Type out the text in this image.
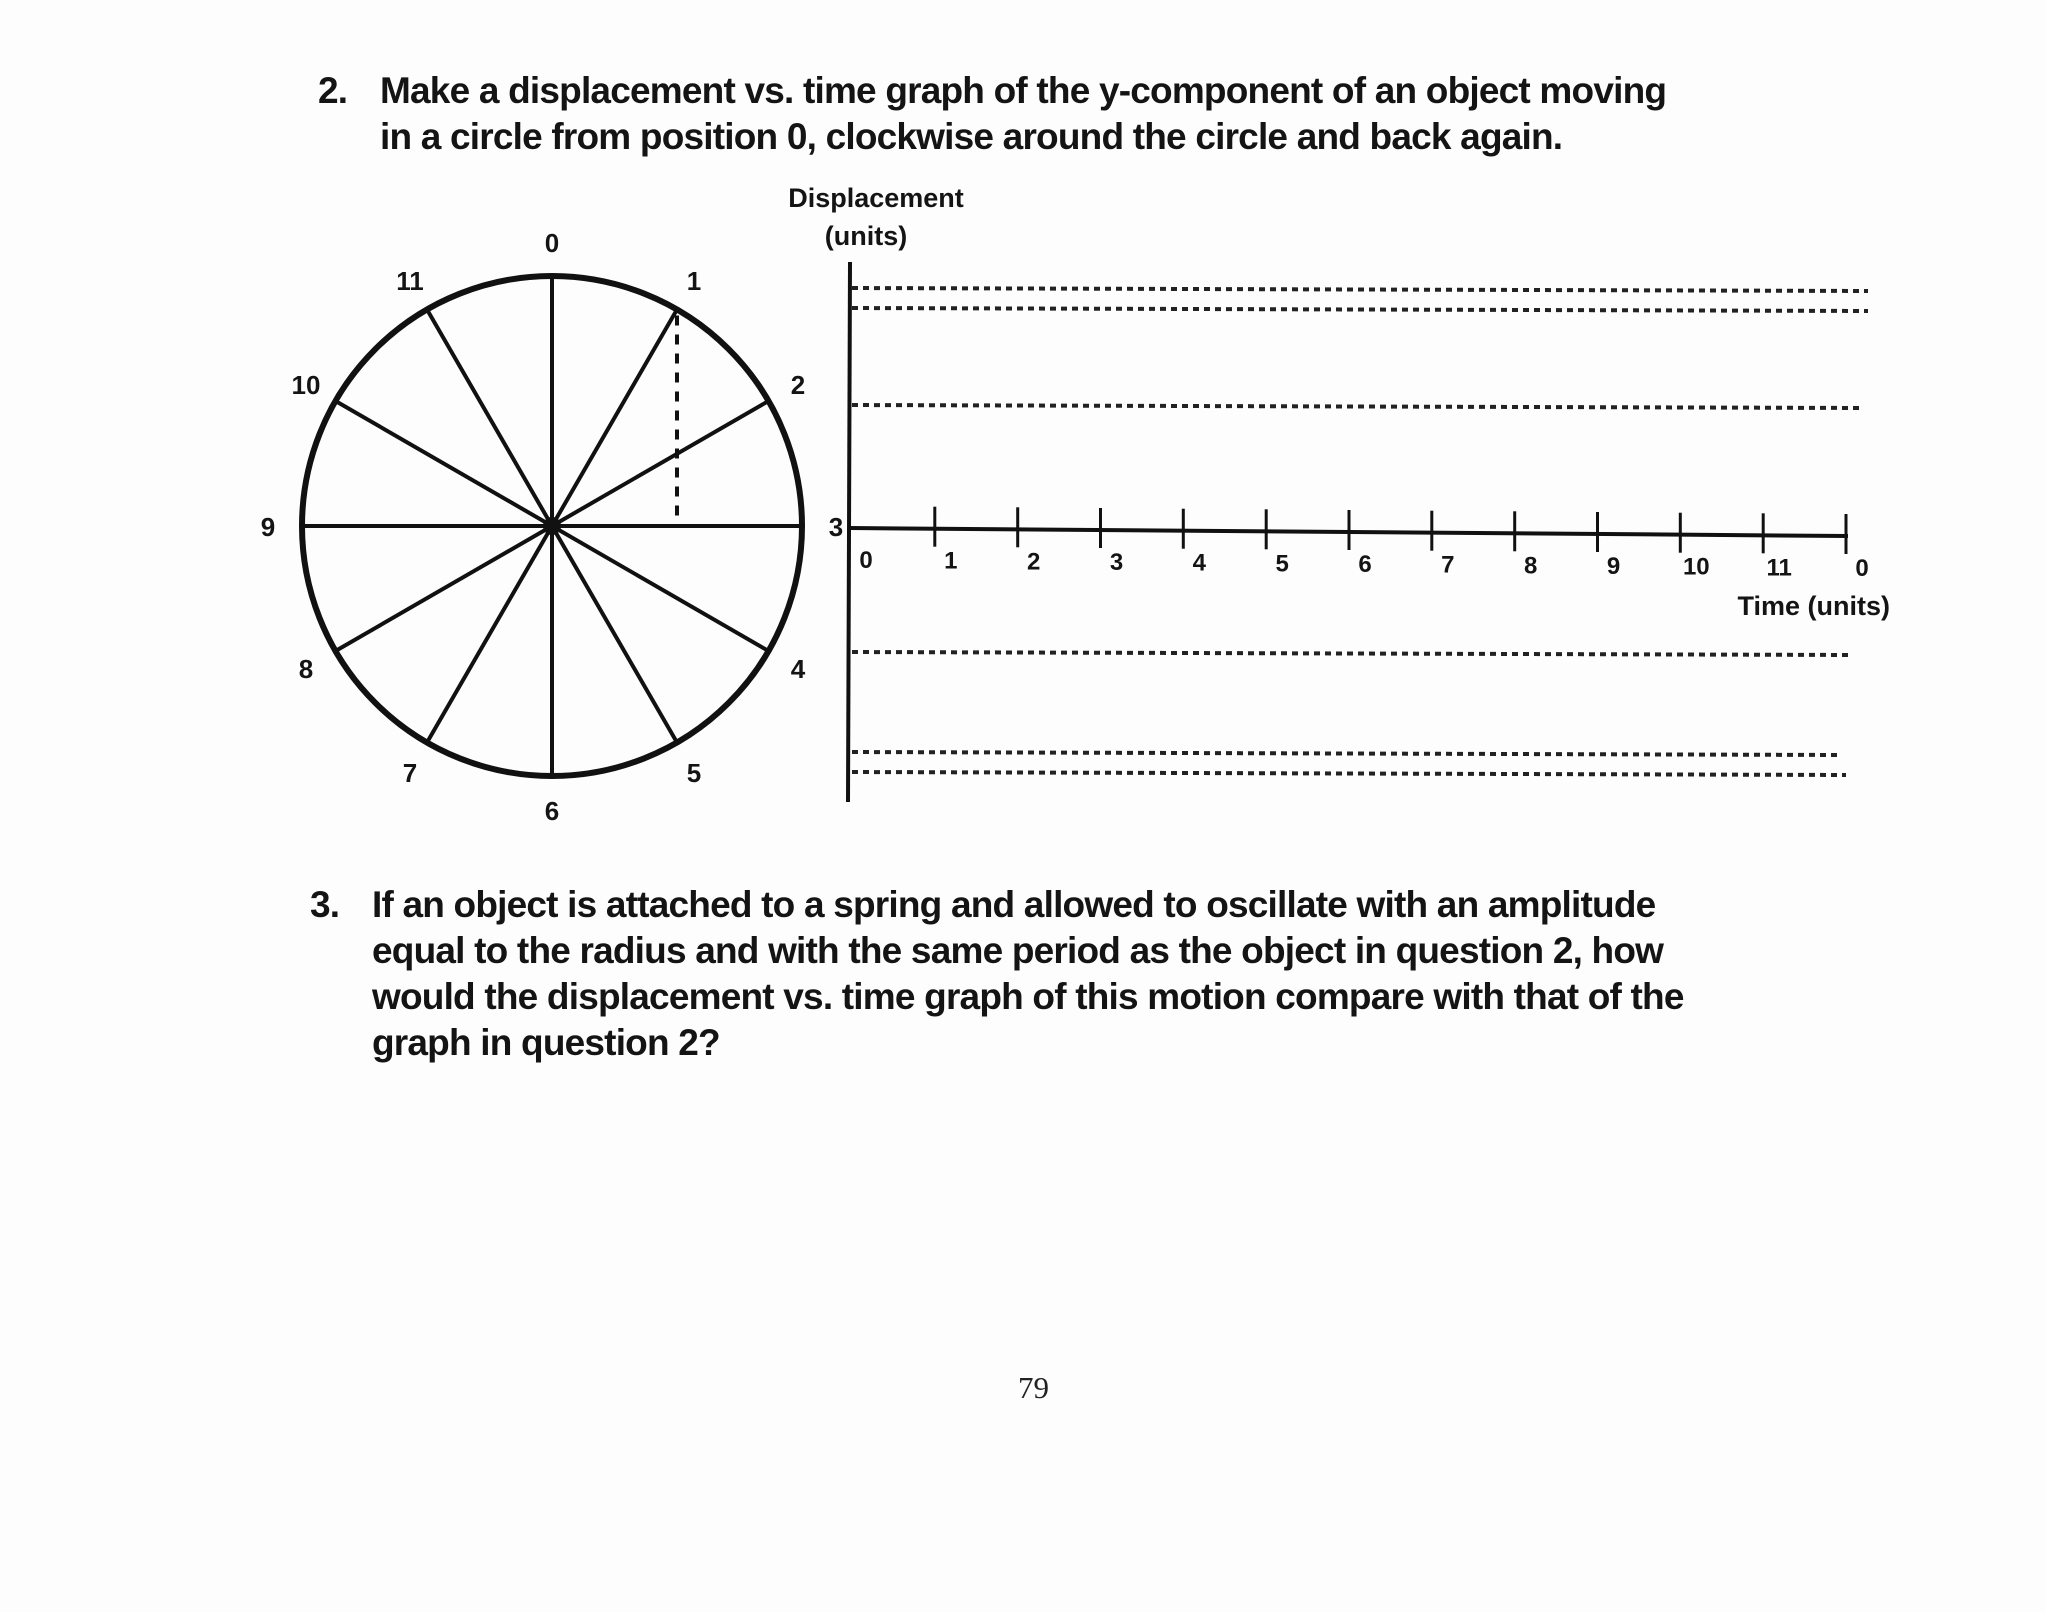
2. Make a displacement vs. time graph of the y-component of an object moving
in a circle from position 0, clockwise around the circle and back again.
0
1
2
3
4
5
6
7
8
9
10
11
Displacement
(units)
0	1	2	3	4	5	6	7	8	9	10 11	0
Time (units)
3. If an object is attached to a spring and allowed to oscillate with an amplitude
equal to the radius and with the same period as the object in question 2, how
would the displacement vs. time graph of this motion compare with that of the
graph in question 2?
79
